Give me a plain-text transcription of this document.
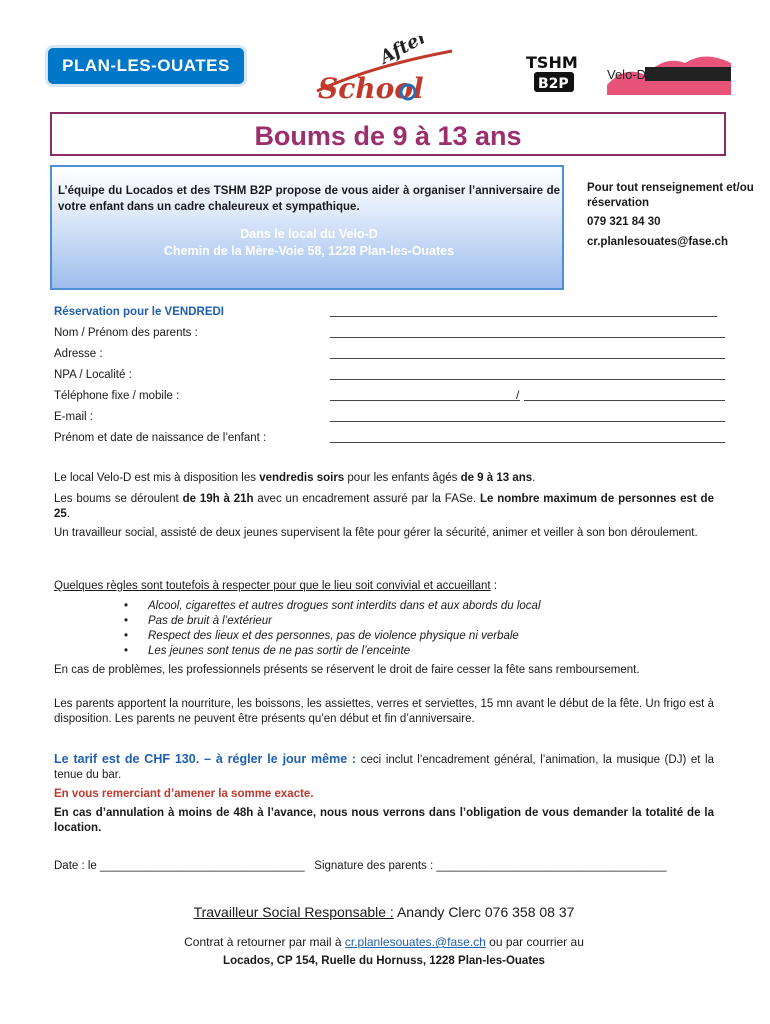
PLAN-LES-OUATES	After
School
TSHM
B2P
Velo-D
Boums de 9 à 13 ans
L’équipe du Locados et des TSHM B2P propose de vous aider à organiser l’anniversaire de votre enfant dans un cadre chaleureux et sympathique.
Dans le local du Velo-D
Chemin de la Mère-Voie 58, 1228 Plan-les-Ouates
Pour tout renseignement et/ou réservation
079 321 84 30
cr.planlesouates@fase.ch
Réservation pour le VENDREDI
Nom / Prénom des parents :
Adresse :
NPA / Localité :
Téléphone fixe / mobile :
E-mail :
Prénom et date de naissance de l’enfant :
/
Le local Velo-D est mis à disposition les vendredis soirs pour les enfants âgés de 9 à 13 ans.
Les boums se déroulent de 19h à 21h avec un encadrement assuré par la FASe. Le nombre maximum de personnes est de 25.
Un travailleur social, assisté de deux jeunes supervisent la fête pour gérer la sécurité, animer et veiller à son bon déroulement.
Quelques règles sont toutefois à respecter pour que le lieu soit convivial et accueillant :
• Alcool, cigarettes et autres drogues sont interdits dans et aux abords du local
• Pas de bruit à l’extérieur
• Respect des lieux et des personnes, pas de violence physique ni verbale
• Les jeunes sont tenus de ne pas sortir de l’enceinte
En cas de problèmes, les professionnels présents se réservent le droit de faire cesser la fête sans remboursement.
Les parents apportent la nourriture, les boissons, les assiettes, verres et serviettes, 15 mn avant le début de la fête. Un frigo est à disposition. Les parents ne peuvent être présents qu’en début et fin d’anniversaire.
Le tarif est de CHF 130. – à régler le jour même : ceci inclut l’encadrement général, l’animation, la musique (DJ) et la tenue du bar.
En vous remerciant d’amener la somme exacte.
En cas d’annulation à moins de 48h à l’avance, nous nous verrons dans l’obligation de vous demander la totalité de la location.
Date : le ________________________________ Signature des parents : ____________________________________
Travailleur Social Responsable : Anandy Clerc 076 358 08 37
Contrat à retourner par mail à cr.planlesouates.@fase.ch ou par courrier au
Locados, CP 154, Ruelle du Hornuss, 1228 Plan-les-Ouates
